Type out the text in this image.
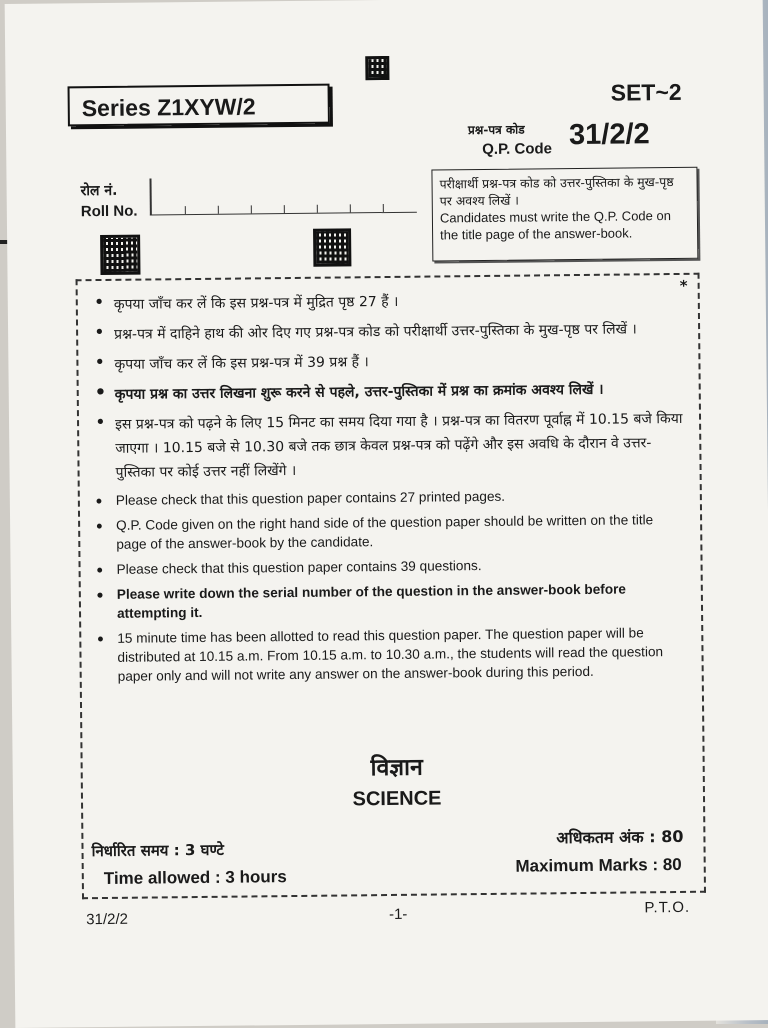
Series Z1XYW/2
SET~2
प्रश्न-पत्र कोड
Q.P. Code 31/2/2
रोल नं.
Roll No.
परीक्षार्थी प्रश्न-पत्र कोड को उत्तर-पुस्तिका के मुख-पृष्ठ पर अवश्य लिखें ।
Candidates must write the Q.P. Code on the title page of the answer-book.
*
• कृपया जाँच कर लें कि इस प्रश्न-पत्र में मुद्रित पृष्ठ 27 हैं ।
• प्रश्न-पत्र में दाहिने हाथ की ओर दिए गए प्रश्न-पत्र कोड को परीक्षार्थी उत्तर-पुस्तिका के मुख-पृष्ठ पर लिखें ।
• कृपया जाँच कर लें कि इस प्रश्न-पत्र में 39 प्रश्न हैं ।
• कृपया प्रश्न का उत्तर लिखना शुरू करने से पहले, उत्तर-पुस्तिका में प्रश्न का क्रमांक अवश्य लिखें ।
• इस प्रश्न-पत्र को पढ़ने के लिए 15 मिनट का समय दिया गया है । प्रश्न-पत्र का वितरण पूर्वाह्न में 10.15 बजे किया जाएगा । 10.15 बजे से 10.30 बजे तक छात्र केवल प्रश्न-पत्र को पढ़ेंगे और इस अवधि के दौरान वे उत्तर-पुस्तिका पर कोई उत्तर नहीं लिखेंगे ।
• Please check that this question paper contains 27 printed pages.
• Q.P. Code given on the right hand side of the question paper should be written on the title page of the answer-book by the candidate.
• Please check that this question paper contains 39 questions.
• Please write down the serial number of the question in the answer-book before attempting it.
• 15 minute time has been allotted to read this question paper. The question paper will be distributed at 10.15 a.m. From 10.15 a.m. to 10.30 a.m., the students will read the question paper only and will not write any answer on the answer-book during this period.
विज्ञान
SCIENCE
निर्धारित समय : 3 घण्टे
Time allowed : 3 hours
अधिकतम अंक : 80
Maximum Marks : 80
31/2/2	-1-	P.T.O.
